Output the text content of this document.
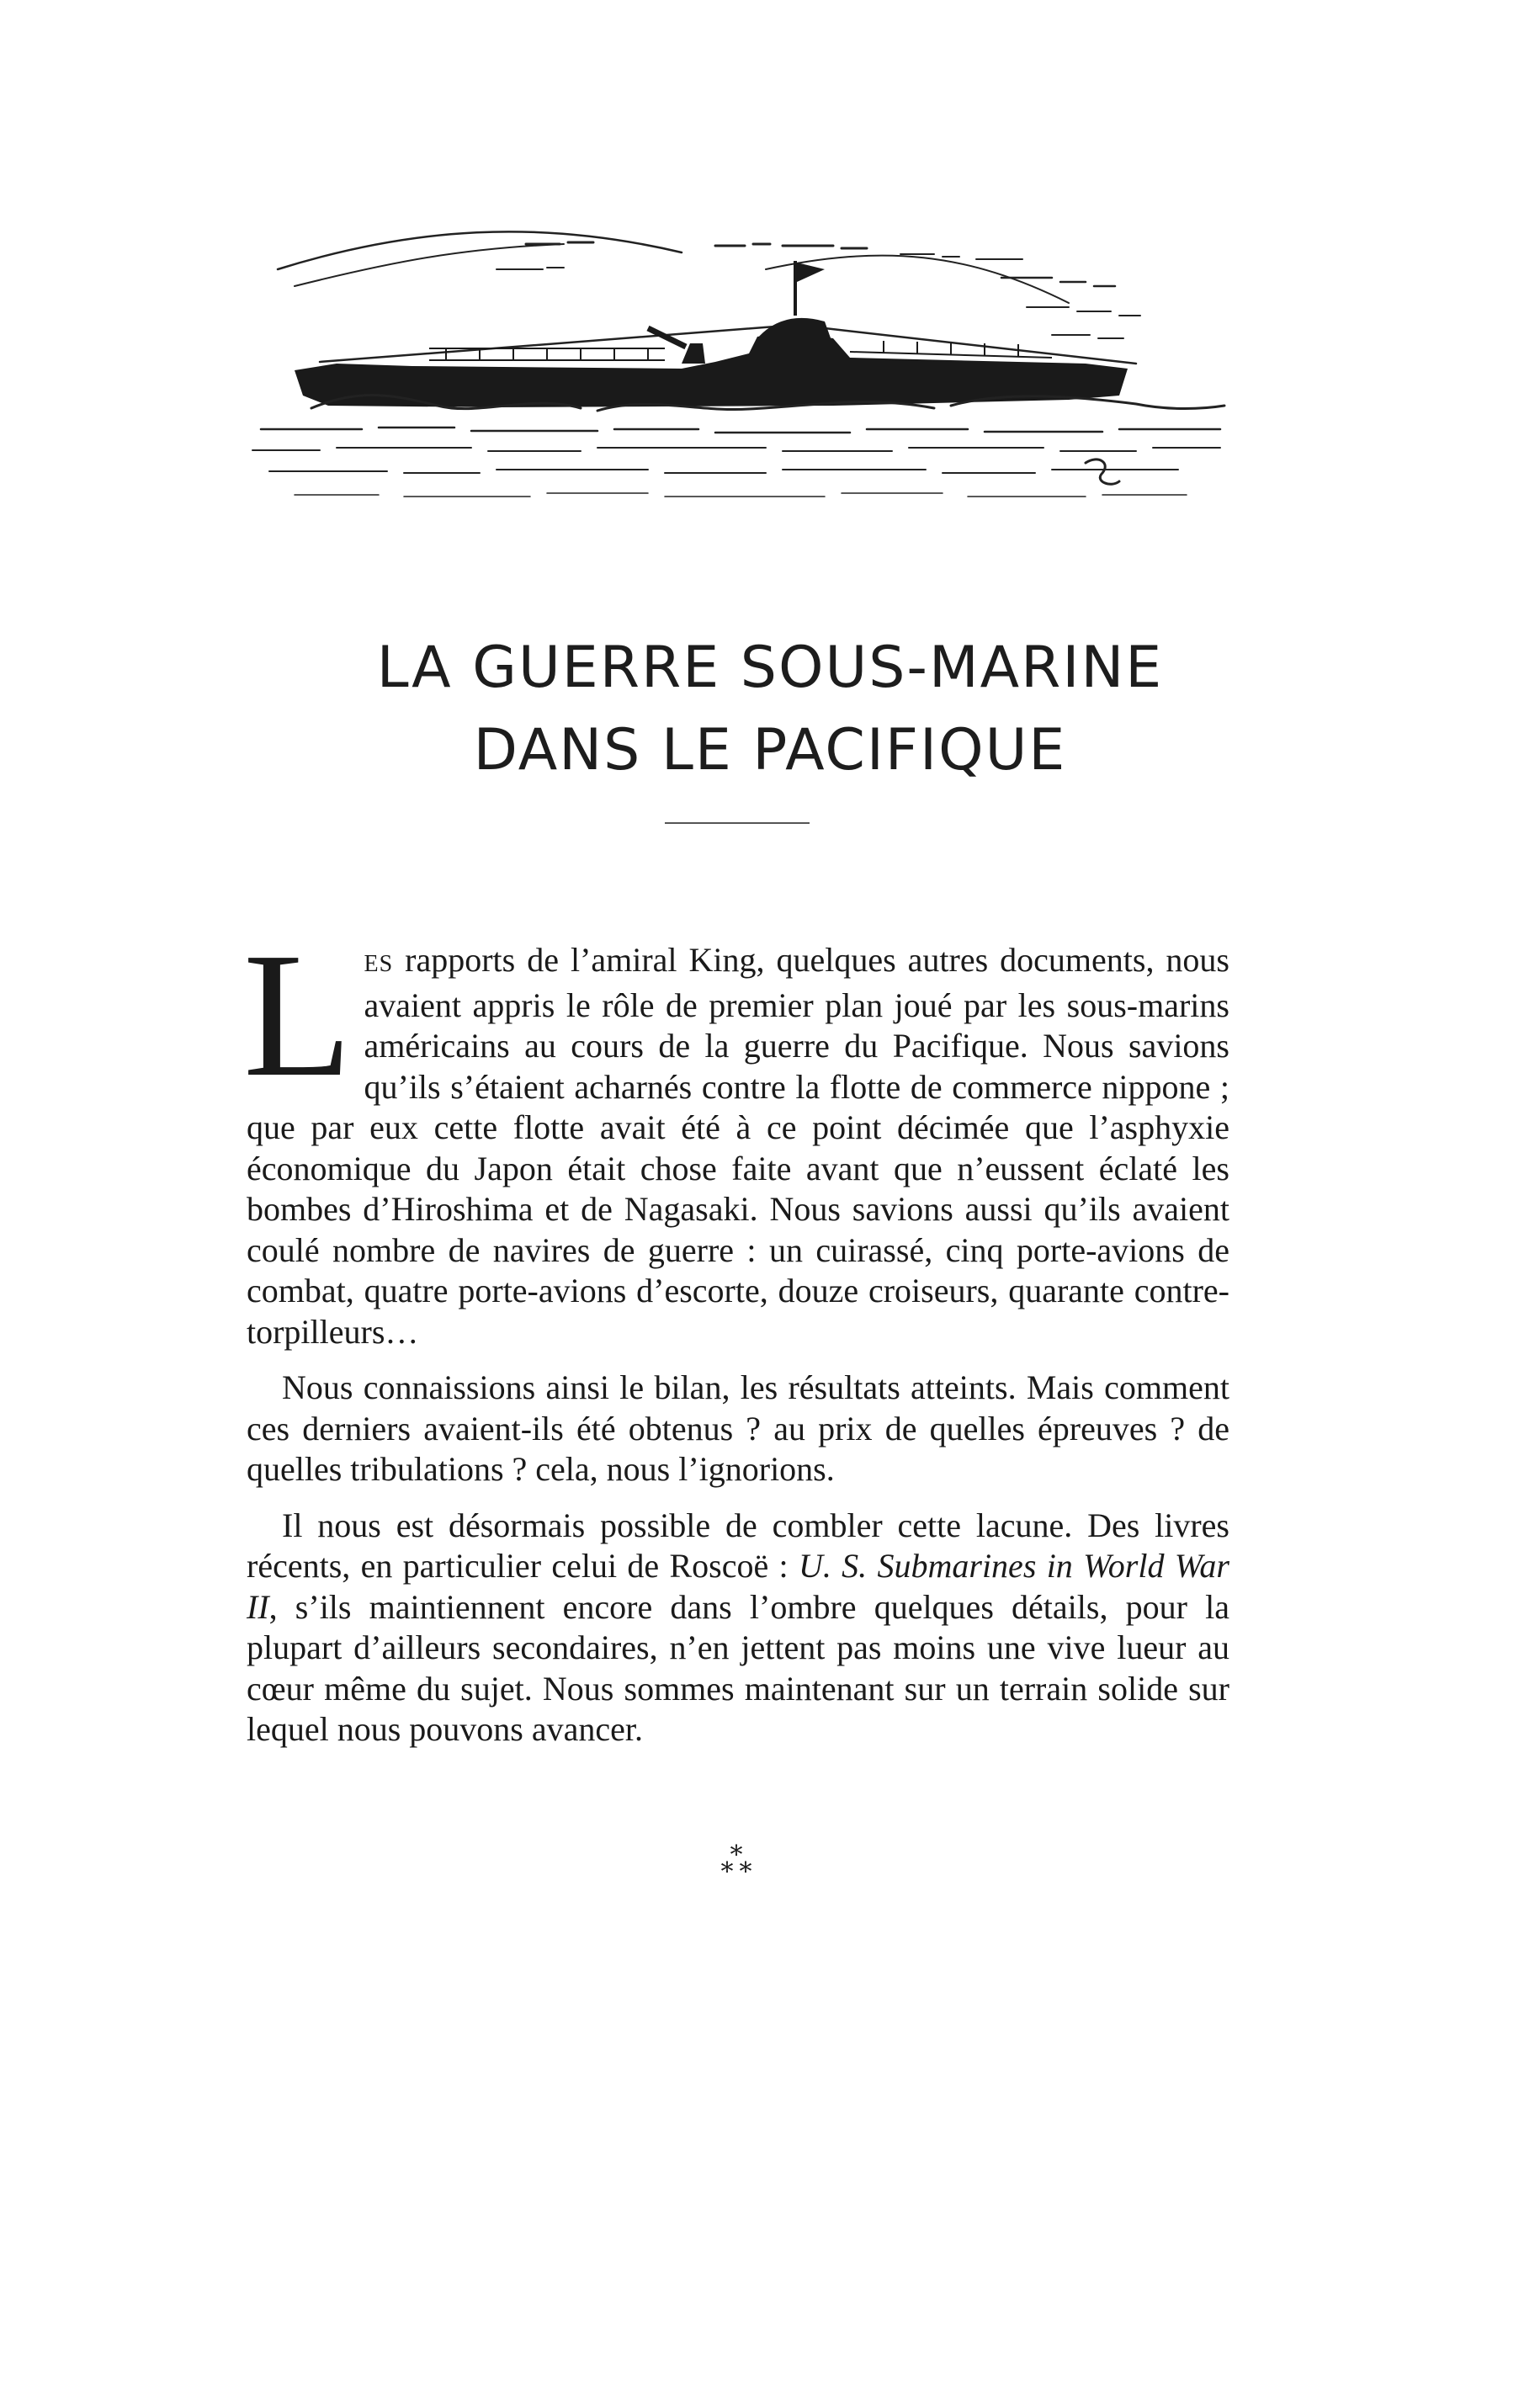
LA GUERRE SOUS-MARINE
DANS LE PACIFIQUE

LES rapports de l’amiral King, quelques autres documents, nous avaient appris le rôle de premier plan joué par les sous-marins américains au cours de la guerre du Pacifique. Nous savions qu’ils s’étaient acharnés contre la flotte de commerce nippone ; que par eux cette flotte avait été à ce point décimée que l’asphyxie économique du Japon était chose faite avant que n’eussent éclaté les bombes d’Hiroshima et de Nagasaki. Nous savions aussi qu’ils avaient coulé nombre de navires de guerre : un cuirassé, cinq porte-avions de combat, quatre porte-avions d’escorte, douze croiseurs, quarante contre-torpilleurs…

Nous connaissions ainsi le bilan, les résultats atteints. Mais comment ces derniers avaient-ils été obtenus ? au prix de quelles épreuves ? de quelles tribulations ? cela, nous l’ignorions.

Il nous est désormais possible de combler cette lacune. Des livres récents, en particulier celui de Roscoë : U. S. Submarines in World War II, s’ils maintiennent encore dans l’ombre quelques détails, pour la plupart d’ailleurs secondaires, n’en jettent pas moins une vive lueur au cœur même du sujet. Nous sommes maintenant sur un terrain solide sur lequel nous pouvons avancer.

*
* *
